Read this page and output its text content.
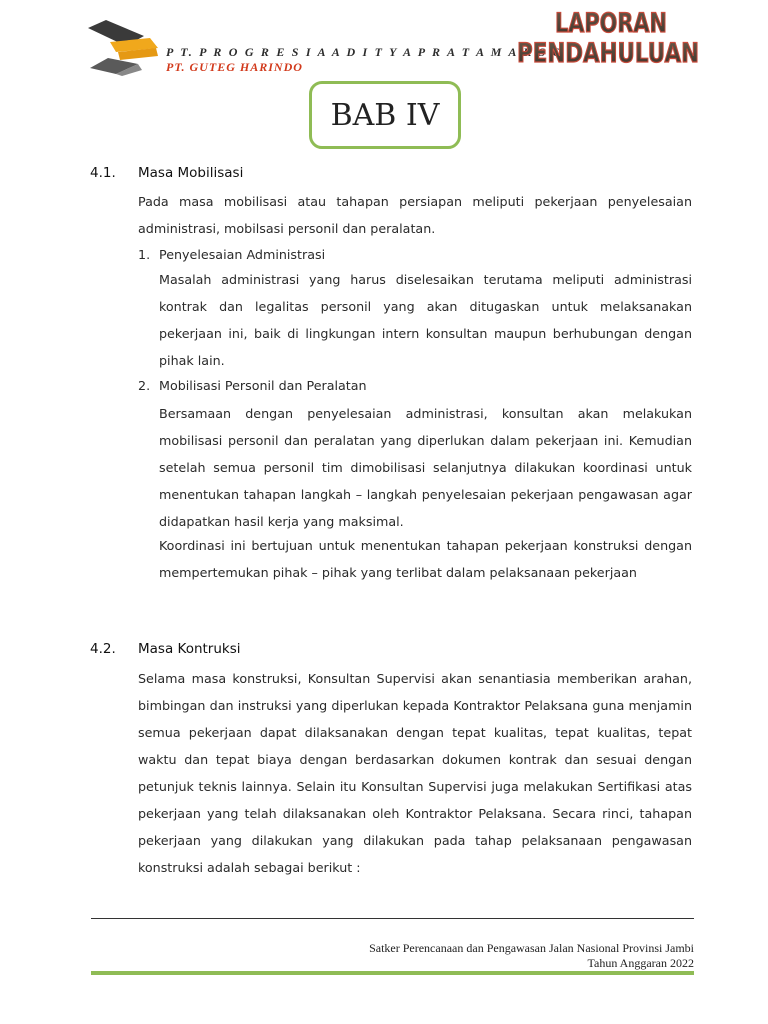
P T. P R O G R E S I A A D I T Y A P R A T A M A K S O
PT. GUTEG HARINDO
LAPORAN
PENDAHULUAN
BAB IV
4.1. Masa Mobilisasi

Pada masa mobilisasi atau tahapan persiapan meliputi pekerjaan penyelesaian administrasi, mobilsasi personil dan peralatan.

1. Penyelesaian Administrasi

Masalah administrasi yang harus diselesaikan terutama meliputi administrasi kontrak dan legalitas personil yang akan ditugaskan untuk melaksanakan pekerjaan ini, baik di lingkungan intern konsultan maupun berhubungan dengan pihak lain.

2. Mobilisasi Personil dan Peralatan

Bersamaan dengan penyelesaian administrasi, konsultan akan melakukan mobilisasi personil dan peralatan yang diperlukan dalam pekerjaan ini. Kemudian setelah semua personil tim dimobilisasi selanjutnya dilakukan koordinasi untuk menentukan tahapan langkah – langkah penyelesaian pekerjaan pengawasan agar didapatkan hasil kerja yang maksimal.

Koordinasi ini bertujuan untuk menentukan tahapan pekerjaan konstruksi dengan mempertemukan pihak – pihak yang terlibat dalam pelaksanaan pekerjaan

4.2. Masa Kontruksi

Selama masa konstruksi, Konsultan Supervisi akan senantiasia memberikan arahan, bimbingan dan instruksi yang diperlukan kepada Kontraktor Pelaksana guna menjamin semua pekerjaan dapat dilaksanakan dengan tepat kualitas, tepat kualitas, tepat waktu dan tepat biaya dengan berdasarkan dokumen kontrak dan sesuai dengan petunjuk teknis lainnya. Selain itu Konsultan Supervisi juga melakukan Sertifikasi atas pekerjaan yang telah dilaksanakan oleh Kontraktor Pelaksana. Secara rinci, tahapan pekerjaan yang dilakukan yang dilakukan pada tahap pelaksanaan pengawasan konstruksi adalah sebagai berikut :

Satker Perencanaan dan Pengawasan Jalan Nasional Provinsi Jambi
Tahun Anggaran 2022
